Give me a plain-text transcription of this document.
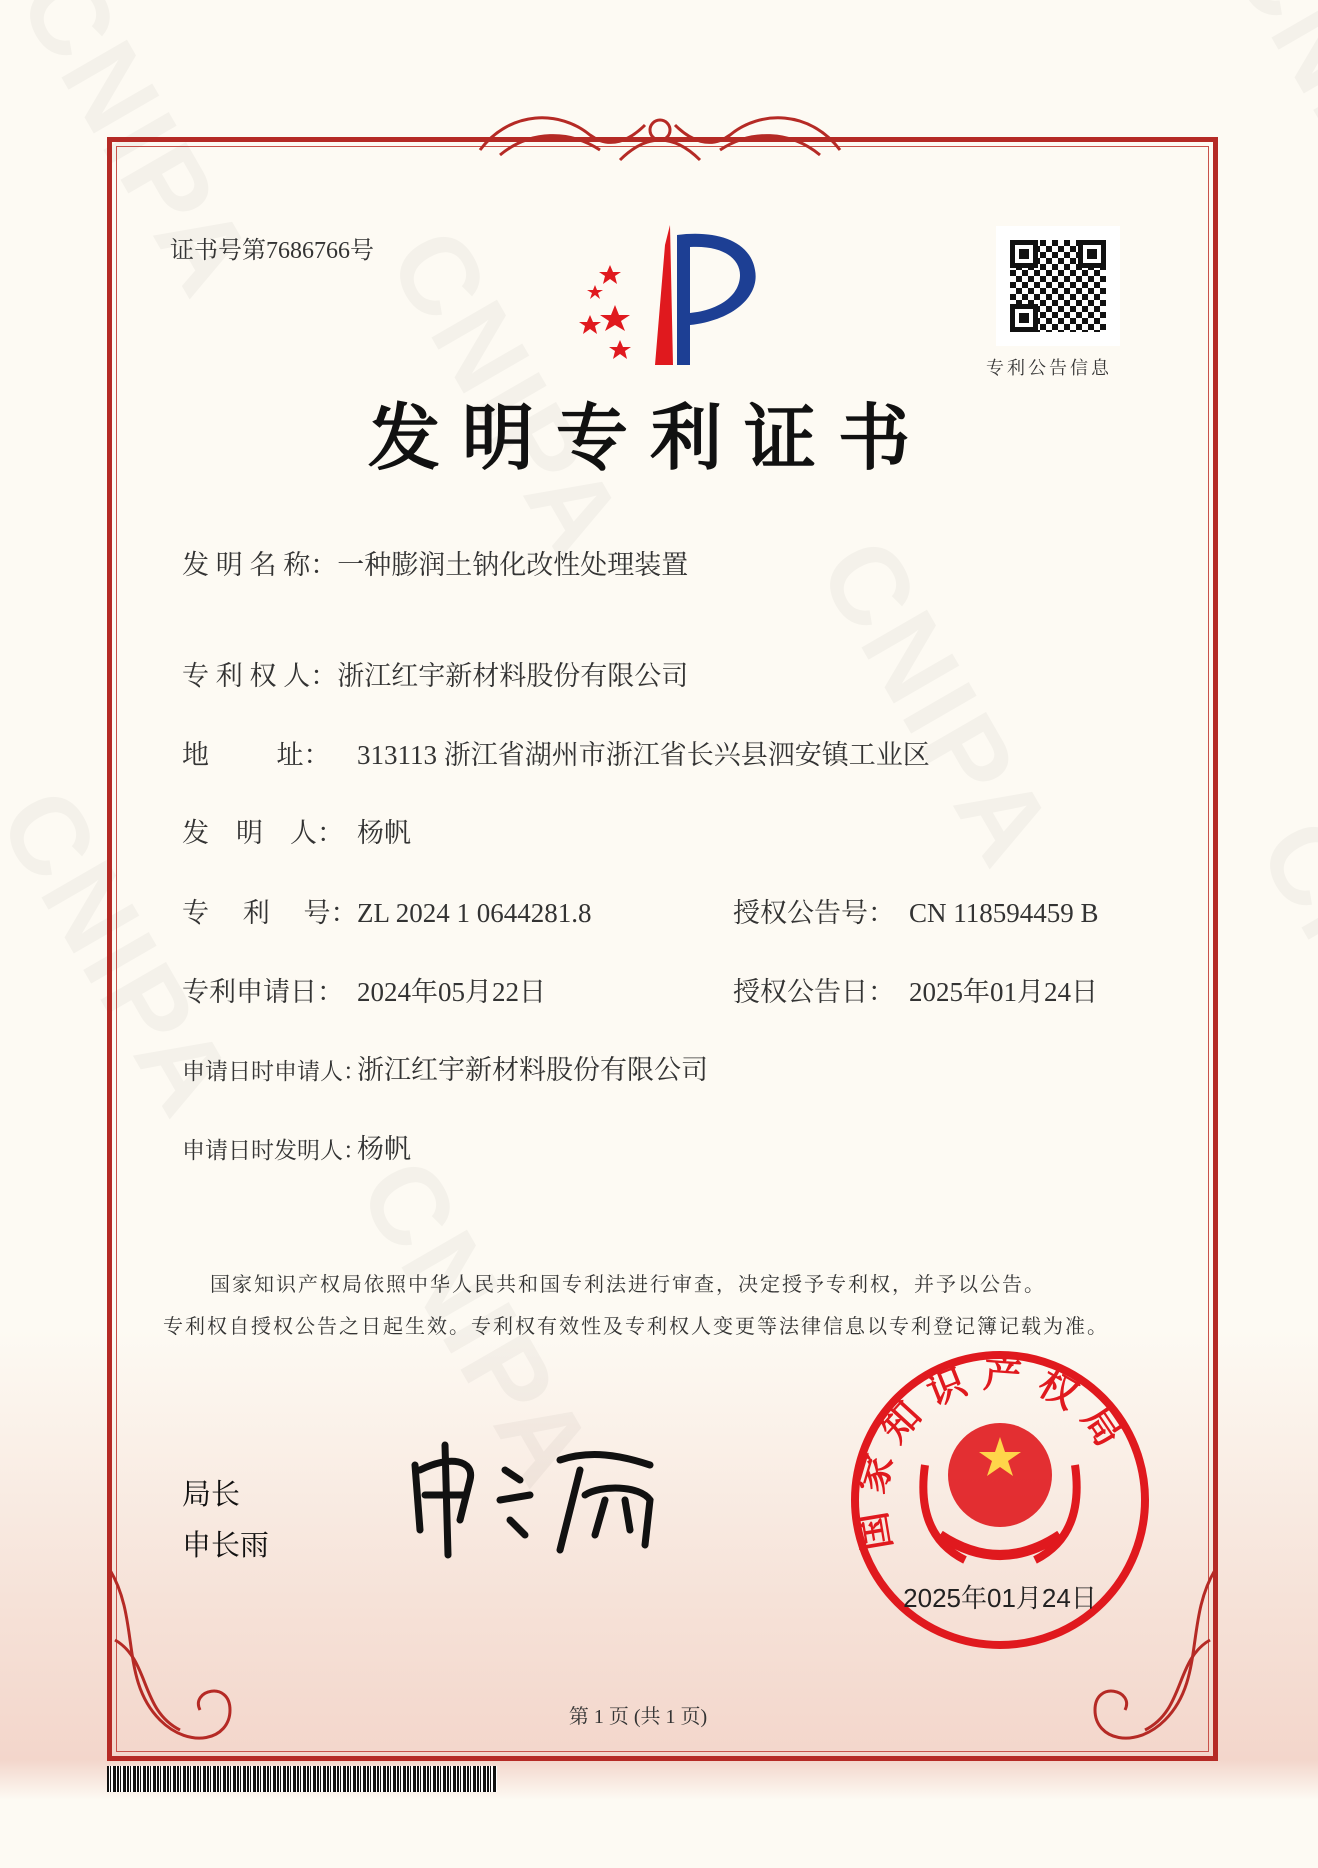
证书号第7686766号
专利公告信息
发明专利证书
发 明 名 称：一种膨润土钠化改性处理装置
专 利 权 人：浙江红宇新材料股份有限公司
地          址： 313113 浙江省湖州市浙江省长兴县泗安镇工业区
发    明    人： 杨帆
专     利     号：ZL 2024 1 0644281.8	授权公告号： CN 118594459 B
专利申请日： 2024年05月22日	授权公告日： 2025年01月24日
申请日时申请人：浙江红宇新材料股份有限公司
申请日时发明人：杨帆
国家知识产权局依照中华人民共和国专利法进行审查，决定授予专利权，并予以公告。
专利权自授权公告之日起生效。专利权有效性及专利权人变更等法律信息以专利登记簿记载为准。
局长
申长雨	国家知识产权局
2025年01月24日
第 1 页 (共 1 页)
